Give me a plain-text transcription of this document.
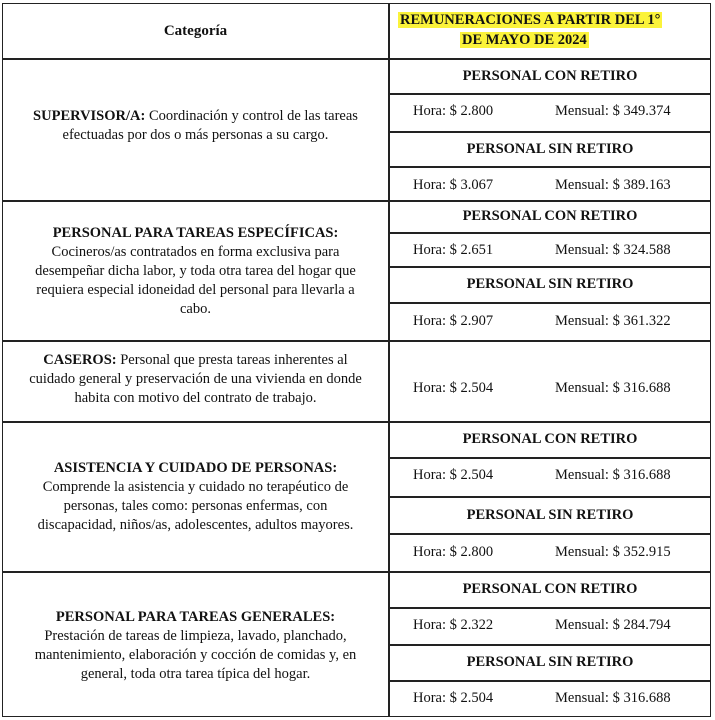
Categoría
REMUNERACIONES A PARTIR DEL 1°
DE MAYO DE 2024
SUPERVISOR/A: Coordinación y control de las tareas
efectuadas por dos o más personas a su cargo.
PERSONAL CON RETIRO
Hora: $ 2.800	Mensual: $ 349.374
PERSONAL SIN RETIRO
Hora: $ 3.067	Mensual: $ 389.163
PERSONAL PARA TAREAS ESPECÍFICAS:
Cocineros/as contratados en forma exclusiva para
desempeñar dicha labor, y toda otra tarea del hogar que
requiera especial idoneidad del personal para llevarla a
cabo.
PERSONAL CON RETIRO
Hora: $ 2.651	Mensual: $ 324.588
PERSONAL SIN RETIRO
Hora: $ 2.907	Mensual: $ 361.322
CASEROS: Personal que presta tareas inherentes al
cuidado general y preservación de una vivienda en donde
habita con motivo del contrato de trabajo.
Hora: $ 2.504	Mensual: $ 316.688
ASISTENCIA Y CUIDADO DE PERSONAS:
Comprende la asistencia y cuidado no terapéutico de
personas, tales como: personas enfermas, con
discapacidad, niños/as, adolescentes, adultos mayores.
PERSONAL CON RETIRO
Hora: $ 2.504	Mensual: $ 316.688
PERSONAL SIN RETIRO
Hora: $ 2.800	Mensual: $ 352.915
PERSONAL PARA TAREAS GENERALES:
Prestación de tareas de limpieza, lavado, planchado,
mantenimiento, elaboración y cocción de comidas y, en
general, toda otra tarea típica del hogar.
PERSONAL CON RETIRO
Hora: $ 2.322	Mensual: $ 284.794
PERSONAL SIN RETIRO
Hora: $ 2.504	Mensual: $ 316.688
